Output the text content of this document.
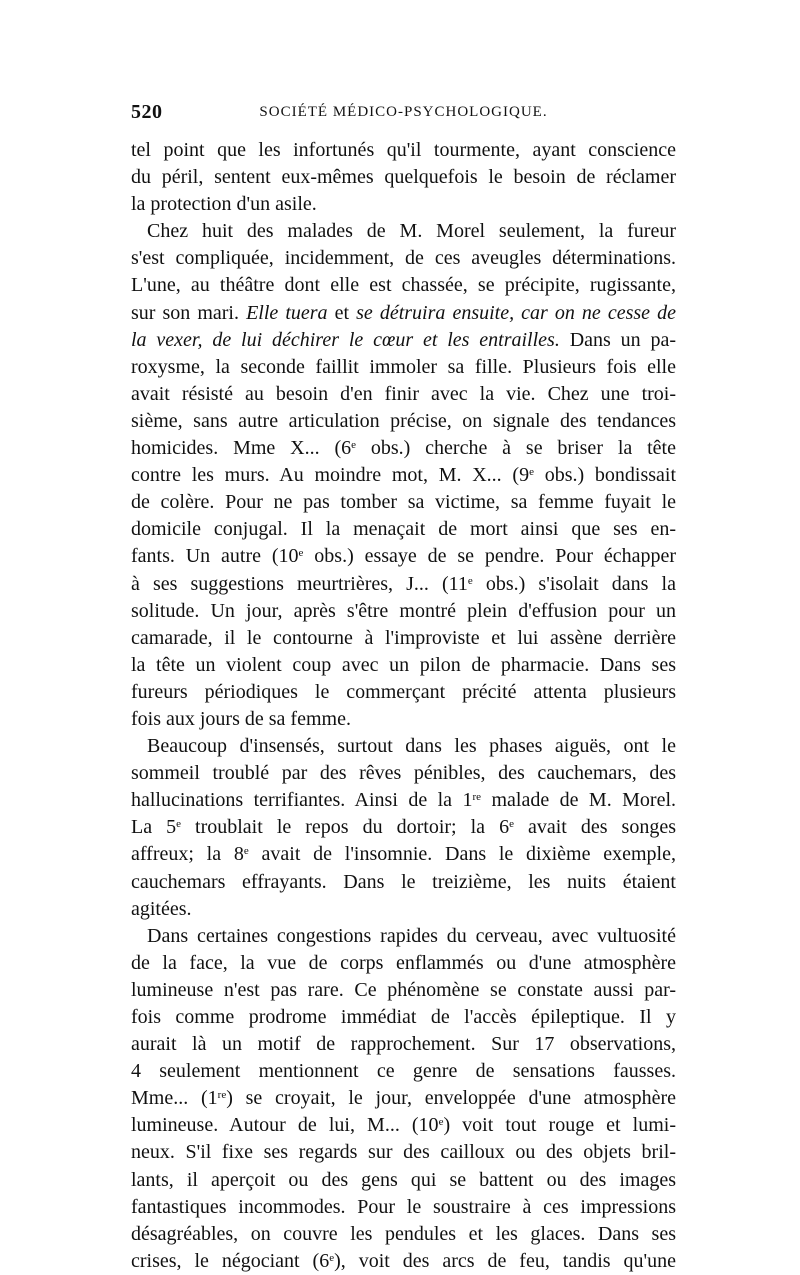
520	SOCIÉTÉ MÉDICO-PSYCHOLOGIQUE.
tel point que les infortunés qu'il tourmente, ayant conscience
du péril, sentent eux-mêmes quelquefois le besoin de réclamer
la protection d'un asile.
Chez huit des malades de M. Morel seulement, la fureur
s'est compliquée, incidemment, de ces aveugles déterminations.
L'une, au théâtre dont elle est chassée, se précipite, rugissante,
sur son mari. Elle tuera et se détruira ensuite, car on ne cesse de
la vexer, de lui déchirer le cœur et les entrailles. Dans un pa-
roxysme, la seconde faillit immoler sa fille. Plusieurs fois elle
avait résisté au besoin d'en finir avec la vie. Chez une troi-
sième, sans autre articulation précise, on signale des tendances
homicides. Mme X... (6e obs.) cherche à se briser la tête
contre les murs. Au moindre mot, M. X... (9e obs.) bondissait
de colère. Pour ne pas tomber sa victime, sa femme fuyait le
domicile conjugal. Il la menaçait de mort ainsi que ses en-
fants. Un autre (10e obs.) essaye de se pendre. Pour échapper
à ses suggestions meurtrières, J... (11e obs.) s'isolait dans la
solitude. Un jour, après s'être montré plein d'effusion pour un
camarade, il le contourne à l'improviste et lui assène derrière
la tête un violent coup avec un pilon de pharmacie. Dans ses
fureurs périodiques le commerçant précité attenta plusieurs
fois aux jours de sa femme.
Beaucoup d'insensés, surtout dans les phases aiguës, ont le
sommeil troublé par des rêves pénibles, des cauchemars, des
hallucinations terrifiantes. Ainsi de la 1re malade de M. Morel.
La 5e troublait le repos du dortoir; la 6e avait des songes
affreux; la 8e avait de l'insomnie. Dans le dixième exemple,
cauchemars effrayants. Dans le treizième, les nuits étaient
agitées.
Dans certaines congestions rapides du cerveau, avec vultuosité
de la face, la vue de corps enflammés ou d'une atmosphère
lumineuse n'est pas rare. Ce phénomène se constate aussi par-
fois comme prodrome immédiat de l'accès épileptique. Il y
aurait là un motif de rapprochement. Sur 17 observations,
4 seulement mentionnent ce genre de sensations fausses.
Mme... (1re) se croyait, le jour, enveloppée d'une atmosphère
lumineuse. Autour de lui, M... (10e) voit tout rouge et lumi-
neux. S'il fixe ses regards sur des cailloux ou des objets bril-
lants, il aperçoit ou des gens qui se battent ou des images
fantastiques incommodes. Pour le soustraire à ces impressions
désagréables, on couvre les pendules et les glaces. Dans ses
crises, le négociant (6e), voit des arcs de feu, tandis qu'une
